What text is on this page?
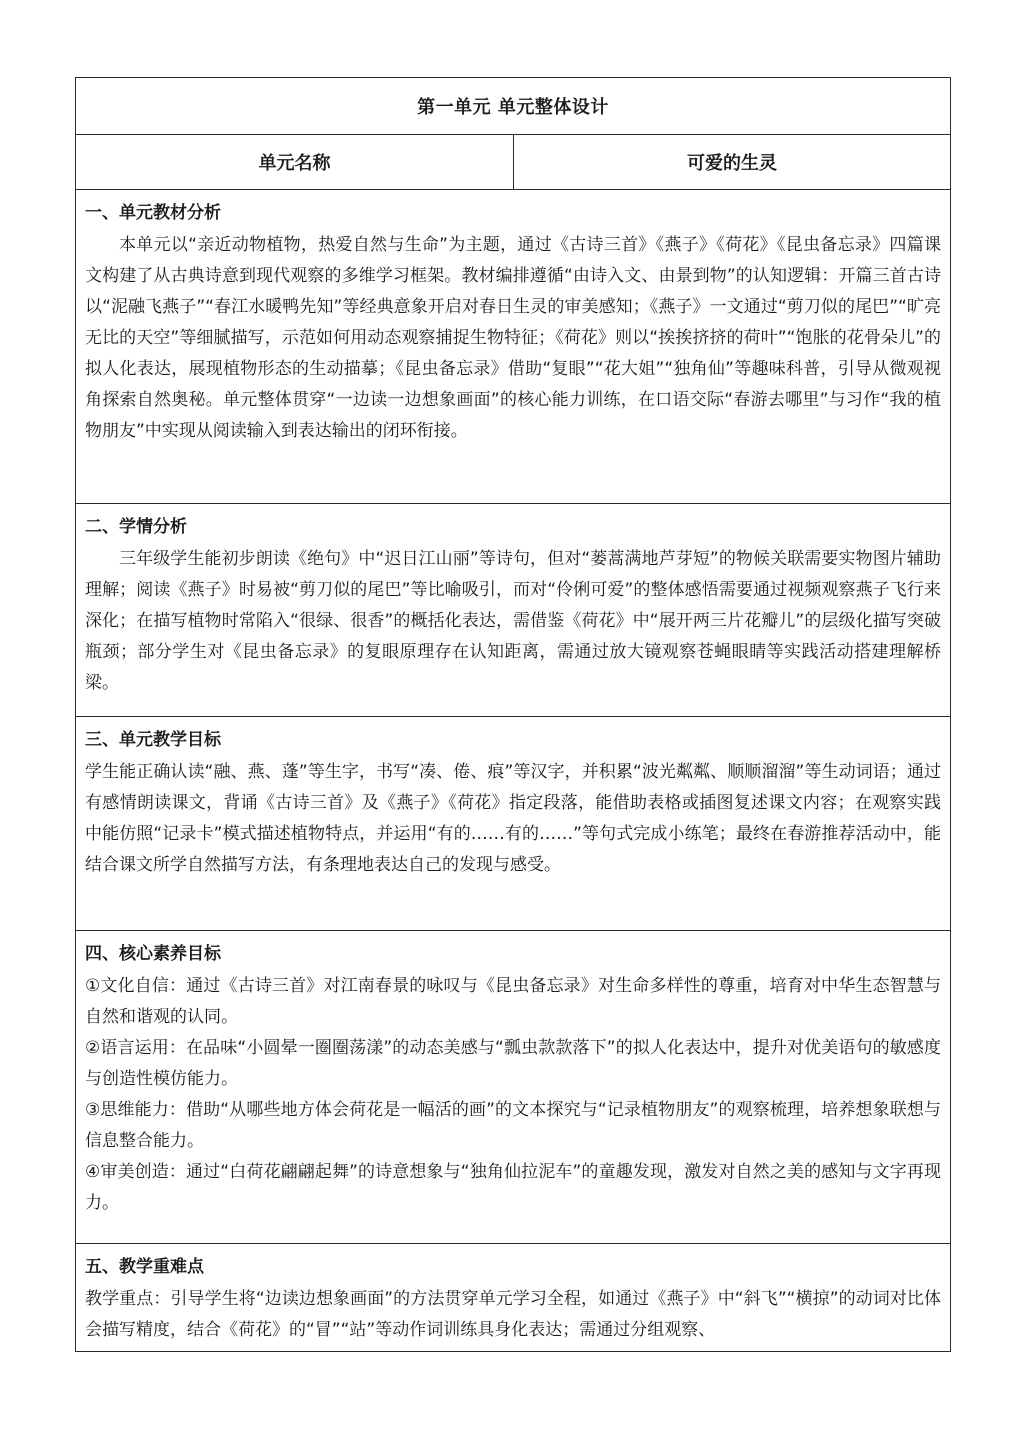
第一单元 单元整体设计
单元名称	可爱的生灵
一、单元教材分析

本单元以“亲近动物植物，热爱自然与生命”为主题，通过《古诗三首》《燕子》《荷花》《昆虫备忘录》四篇课文构建了从古典诗意到现代观察的多维学习框架。教材编排遵循“由诗入文、由景到物”的认知逻辑：开篇三首古诗以“泥融飞燕子”“春江水暖鸭先知”等经典意象开启对春日生灵的审美感知；《燕子》一文通过“剪刀似的尾巴”“旷亮无比的天空”等细腻描写，示范如何用动态观察捕捉生物特征；《荷花》则以“挨挨挤挤的荷叶”“饱胀的花骨朵儿”的拟人化表达，展现植物形态的生动描摹；《昆虫备忘录》借助“复眼”“花大姐”“独角仙”等趣味科普，引导从微观视角探索自然奥秘。单元整体贯穿“一边读一边想象画面”的核心能力训练，在口语交际“春游去哪里”与习作“我的植物朋友”中实现从阅读输入到表达输出的闭环衔接。

二、学情分析

三年级学生能初步朗读《绝句》中“迟日江山丽”等诗句，但对“蒌蒿满地芦芽短”的物候关联需要实物图片辅助理解；阅读《燕子》时易被“剪刀似的尾巴”等比喻吸引，而对“伶俐可爱”的整体感悟需要通过视频观察燕子飞行来深化；在描写植物时常陷入“很绿、很香”的概括化表达，需借鉴《荷花》中“展开两三片花瓣儿”的层级化描写突破瓶颈；部分学生对《昆虫备忘录》的复眼原理存在认知距离，需通过放大镜观察苍蝇眼睛等实践活动搭建理解桥梁。

三、单元教学目标

学生能正确认读“融、燕、蓬”等生字，书写“凑、倦、痕”等汉字，并积累“波光粼粼、顺顺溜溜”等生动词语；通过有感情朗读课文，背诵《古诗三首》及《燕子》《荷花》指定段落，能借助表格或插图复述课文内容；在观察实践中能仿照“记录卡”模式描述植物特点，并运用“有的……有的……”等句式完成小练笔；最终在春游推荐活动中，能结合课文所学自然描写方法，有条理地表达自己的发现与感受。

四、核心素养目标

①文化自信：通过《古诗三首》对江南春景的咏叹与《昆虫备忘录》对生命多样性的尊重，培育对中华生态智慧与自然和谐观的认同。

②语言运用：在品味“小圆晕一圈圈荡漾”的动态美感与“瓢虫款款落下”的拟人化表达中，提升对优美语句的敏感度与创造性模仿能力。

③思维能力：借助“从哪些地方体会荷花是一幅活的画”的文本探究与“记录植物朋友”的观察梳理，培养想象联想与信息整合能力。

④审美创造：通过“白荷花翩翩起舞”的诗意想象与“独角仙拉泥车”的童趣发现，激发对自然之美的感知与文字再现力。

五、教学重难点

教学重点：引导学生将“边读边想象画面”的方法贯穿单元学习全程，如通过《燕子》中“斜飞”“横掠”的动词对比体会描写精度，结合《荷花》的“冒”“站”等动作词训练具身化表达；需通过分组观察、
